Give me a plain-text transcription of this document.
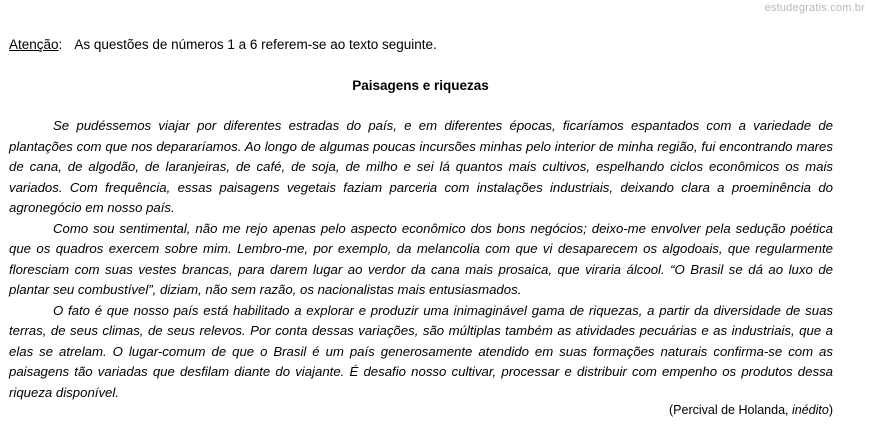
estudegratis.com.br
Atenção: As questões de números 1 a 6 referem-se ao texto seguinte.
Paisagens e riquezas

Se pudéssemos viajar por diferentes estradas do país, e em diferentes épocas, ficaríamos espantados com a variedade de plantações com que nos depararíamos. Ao longo de algumas poucas incursões minhas pelo interior de minha região, fui encontrando mares de cana, de algodão, de laranjeiras, de café, de soja, de milho e sei lá quantos mais cultivos, espelhando ciclos econômicos os mais variados. Com frequência, essas paisagens vegetais faziam parceria com instalações industriais, deixando clara a proeminência do agronegócio em nosso país.

Como sou sentimental, não me rejo apenas pelo aspecto econômico dos bons negócios; deixo-me envolver pela sedução poética que os quadros exercem sobre mim. Lembro-me, por exemplo, da melancolia com que vi desaparecem os algodoais, que regularmente floresciam com suas vestes brancas, para darem lugar ao verdor da cana mais prosaica, que viraria álcool. “O Brasil se dá ao luxo de plantar seu combustível”, diziam, não sem razão, os nacionalistas mais entusiasmados.

O fato é que nosso país está habilitado a explorar e produzir uma inimaginável gama de riquezas, a partir da diversidade de suas terras, de seus climas, de seus relevos. Por conta dessas variações, são múltiplas também as atividades pecuárias e as industriais, que a elas se atrelam. O lugar-comum de que o Brasil é um país generosamente atendido em suas formações naturais confirma-se com as paisagens tão variadas que desfilam diante do viajante. É desafio nosso cultivar, processar e distribuir com empenho os produtos dessa riqueza disponível.

(Percival de Holanda, inédito)
